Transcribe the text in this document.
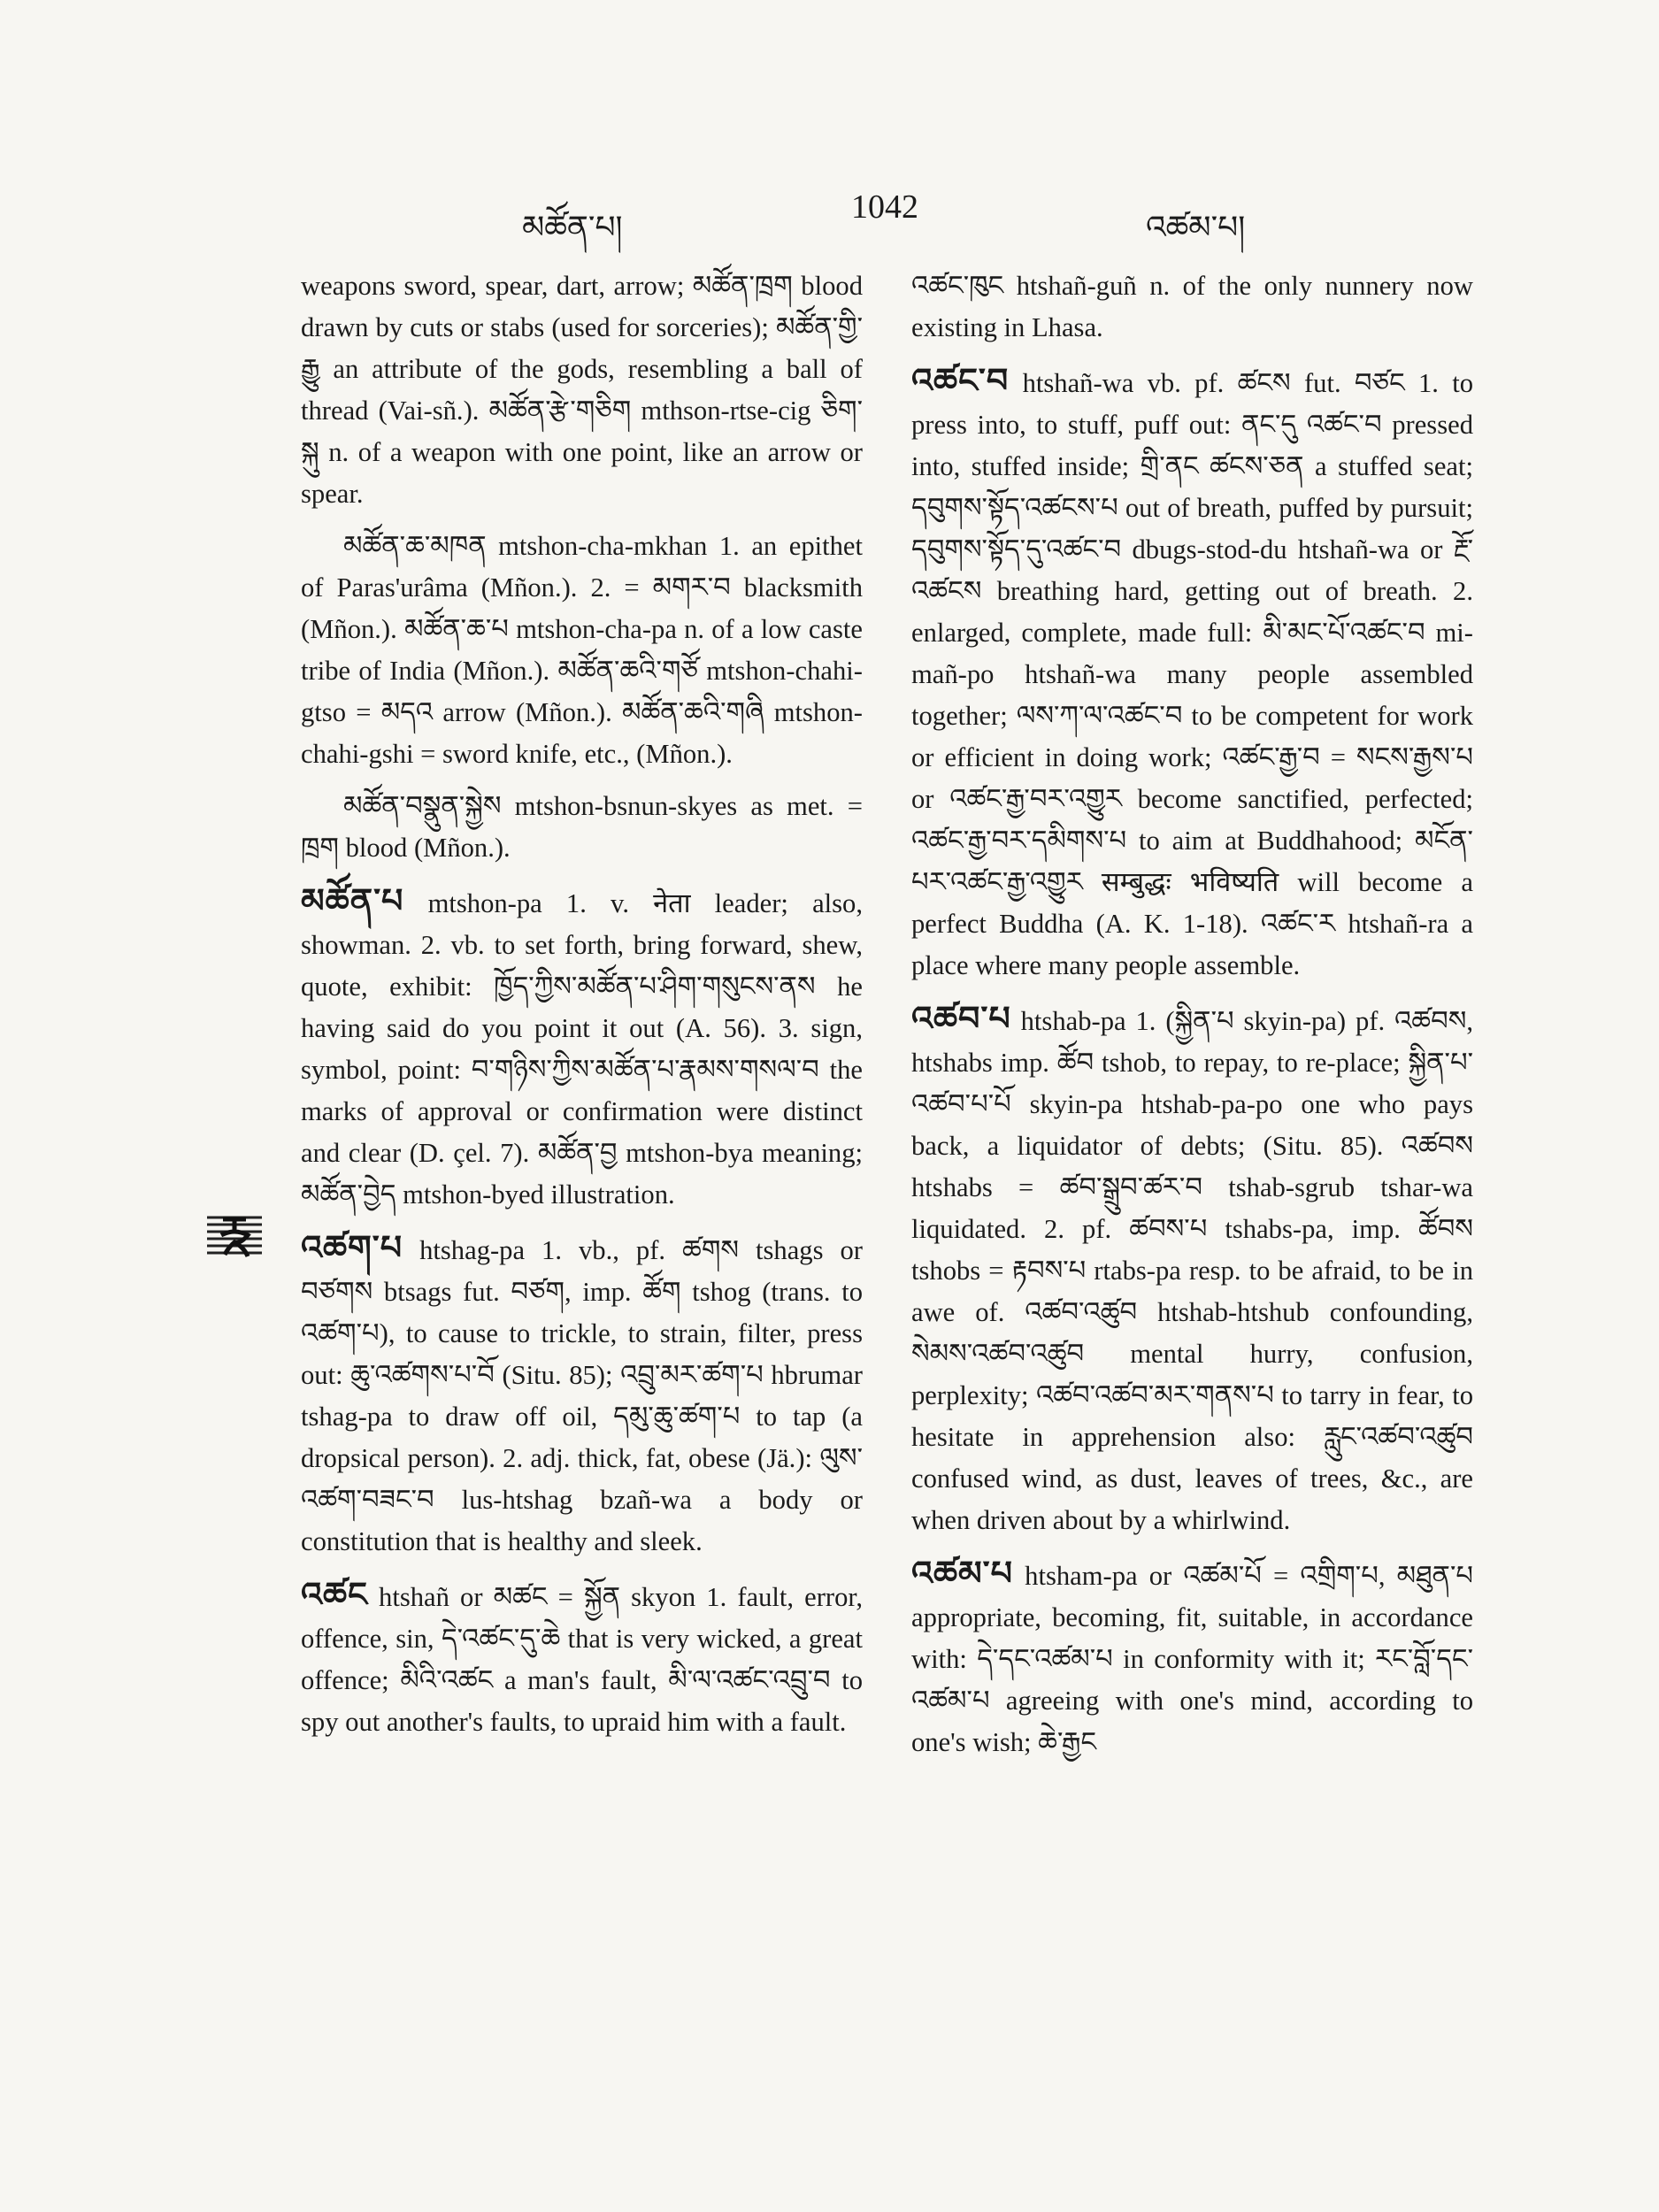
མཚོན་པ།
1042
འཚམ་པ།

weapons sword, spear, dart, arrow; མཚོན་ཁྲག blood drawn by cuts or stabs (used for sorceries); མཚོན་གྱི་རྒྱུ an attribute of the gods, resembling a ball of thread (Vai-sñ.). མཚོན་རྩེ་གཅིག mthson-rtse-cig ཅིག་སྐུ n. of a weapon with one point, like an arrow or spear.

མཚོན་ཆ་མཁན mtshon-cha-mkhan 1. an epithet of Paras'urâma (Mñon.). 2. = མགར་བ blacksmith (Mñon.). མཚོན་ཆ་པ mtshon-cha-pa n. of a low caste tribe of India (Mñon.). མཚོན་ཆའི་གཙོ mtshon-chahi-gtso = མདའ arrow (Mñon.). མཚོན་ཆའི་གཞི mtshon-chahi-gshi = sword knife, etc., (Mñon.).

མཚོན་བསྣུན་སྐྱེས mtshon-bsnun-skyes as met. = ཁྲག blood (Mñon.).

མཚོན་པ mtshon-pa 1. v. नेता leader; also, showman. 2. vb. to set forth, bring forward, shew, quote, exhibit: ཁྱོད་ཀྱིས་མཚོན་པ་ཤིག་གསུངས་ནས he having said do you point it out (A. 56). 3. sign, symbol, point: བ་གཉིས་ཀྱིས་མཚོན་པ་རྣམས་གསལ་བ the marks of approval or confirmation were distinct and clear (D. çel. 7). མཚོན་བྱ mtshon-bya meaning; མཚོན་བྱེད mtshon-byed illustration.

འཚག་པ htshag-pa 1. vb., pf. ཚགས tshags or བཙགས btsags fut. བཙག, imp. ཚོག tshog (trans. to འཚག་པ), to cause to trickle, to strain, filter, press out: ཆུ་འཚགས་པ་བོ (Situ. 85); འབྲུ་མར་ཚག་པ hbrumar tshag-pa to draw off oil, དམུ་ཆུ་ཚག་པ to tap (a dropsical person). 2. adj. thick, fat, obese (Jä.): ལུས་འཚག་བཟང་བ lus-htshag bzañ-wa a body or constitution that is healthy and sleek.

འཚང htshañ or མཚང = སྐྱོན skyon 1. fault, error, offence, sin, དེ་འཚང་དུ་ཆེ that is very wicked, a great offence; མིའི་འཚང a man's fault, མི་ལ་འཚང་འབྲུ་བ to spy out another's faults, to upraid him with a fault.

འཚང་ཁུང htshañ-guñ n. of the only nunnery now existing in Lhasa.

འཚང་བ htshañ-wa vb. pf. ཚངས fut. བཙང 1. to press into, to stuff, puff out: ནང་དུ འཚང་བ pressed into, stuffed inside; གྲི་ནང ཚངས་ཅན a stuffed seat; དབུགས་སྟོད་འཚངས་པ out of breath, puffed by pursuit; དབུགས་སྟོད་དུ་འཚང་བ dbugs-stod-du htshañ-wa or རྔོ་འཚངས breathing hard, getting out of breath. 2. enlarged, complete, made full: མི་མང་པོ་འཚང་བ mi-mañ-po htshañ-wa many people assembled together; ལས་ཀ་ལ་འཚང་བ to be competent for work or efficient in doing work; འཚང་རྒྱ་བ = སངས་རྒྱས་པ or འཚང་རྒྱ་བར་འགྱུར become sanctified, perfected; འཚང་རྒྱ་བར་དམིགས་པ to aim at Buddhahood; མངོན་པར་འཚང་རྒྱ་འགྱུར सम्बुद्धः भविष्यति will become a perfect Buddha (A. K. 1-18). འཚང་ར htshañ-ra a place where many people assemble.

འཚབ་པ htshab-pa 1. (སྐྱིན་པ skyin-pa) pf. འཚབས, htshabs imp. ཚོབ tshob, to repay, to re-place; སྐྱིན་པ་འཚབ་པ་པོ skyin-pa htshab-pa-po one who pays back, a liquidator of debts; (Situ. 85). འཚབས htshabs = ཚབ་སྒྲུབ་ཚར་བ tshab-sgrub tshar-wa liquidated. 2. pf. ཚབས་པ tshabs-pa, imp. ཚོབས tshobs = རྟབས་པ rtabs-pa resp. to be afraid, to be in awe of. འཚབ་འཚུབ htshab-htshub confounding, སེམས་འཚབ་འཚུབ mental hurry, confusion, perplexity; འཚབ་འཚབ་མར་གནས་པ to tarry in fear, to hesitate in apprehension also: རླུང་འཚབ་འཚུབ confused wind, as dust, leaves of trees, &c., are when driven about by a whirlwind.

འཚམ་པ htsham-pa or འཚམ་པོ = འགྲིག་པ, མཐུན་པ appropriate, becoming, fit, suitable, in accordance with: དེ་དང་འཚམ་པ in conformity with it; རང་བློ་དང་འཚམ་པ agreeing with one's mind, according to one's wish; ཆེ་རྒྱང
